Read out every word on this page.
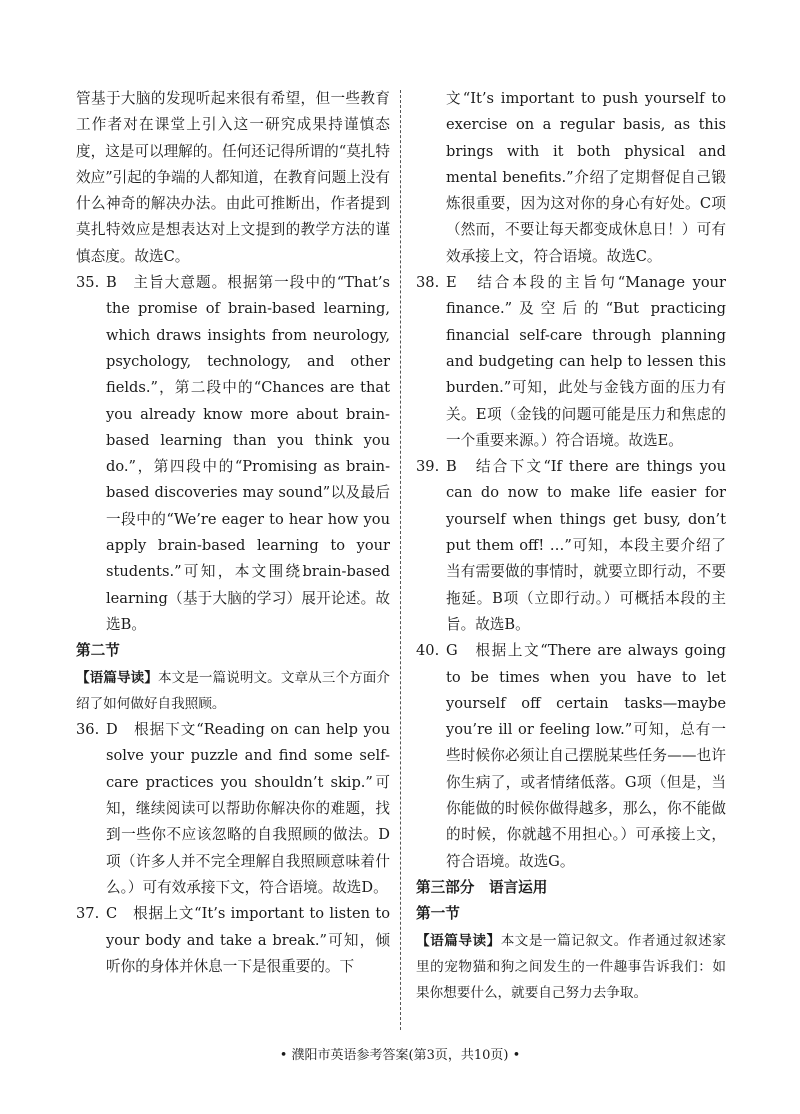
管基于大脑的发现听起来很有希望，但一些教育工作者对在课堂上引入这一研究成果持谨慎态度，这是可以理解的。任何还记得所谓的“莫扎特效应”引起的争端的人都知道，在教育问题上没有什么神奇的解决办法。由此可推断出，作者提到莫扎特效应是想表达对上文提到的教学方法的谨慎态度。故选C。

35. B　主旨大意题。根据第一段中的“That’s the promise of brain-based learning, which draws insights from neurology, psychology, technology, and other fields.”，第二段中的“Chances are that you already know more about brain-based learning than you think you do.”，第四段中的“Promising as brain-based discoveries may sound”以及最后一段中的“We’re eager to hear how you apply brain-based learning to your students.”可知，本文围绕brain-based learning（基于大脑的学习）展开论述。故选B。

第二节

【语篇导读】本文是一篇说明文。文章从三个方面介绍了如何做好自我照顾。

36. D　根据下文“Reading on can help you solve your puzzle and find some self-care practices you shouldn’t skip.”可知，继续阅读可以帮助你解决你的难题，找到一些你不应该忽略的自我照顾的做法。D项（许多人并不完全理解自我照顾意味着什么。）可有效承接下文，符合语境。故选D。

37. C　根据上文“It’s important to listen to your body and take a break.”可知，倾听你的身体并休息一下是很重要的。下

文“It’s important to push yourself to exercise on a regular basis, as this brings with it both physical and mental benefits.”介绍了定期督促自己锻炼很重要，因为这对你的身心有好处。C项（然而，不要让每天都变成休息日！）可有效承接上文，符合语境。故选C。

38. E　结合本段的主旨句“Manage your finance.”及空后的“But practicing financial self-care through planning and budgeting can help to lessen this burden.”可知，此处与金钱方面的压力有关。E项（金钱的问题可能是压力和焦虑的一个重要来源。）符合语境。故选E。

39. B　结合下文“If there are things you can do now to make life easier for yourself when things get busy, don’t put them off! …”可知，本段主要介绍了当有需要做的事情时，就要立即行动，不要拖延。B项（立即行动。）可概括本段的主旨。故选B。

40. G　根据上文“There are always going to be times when you have to let yourself off certain tasks—maybe you’re ill or feeling low.”可知，总有一些时候你必须让自己摆脱某些任务——也许你生病了，或者情绪低落。G项（但是，当你能做的时候你做得越多，那么，你不能做的时候，你就越不用担心。）可承接上文，符合语境。故选G。

第三部分　语言运用

第一节

【语篇导读】本文是一篇记叙文。作者通过叙述家里的宠物猫和狗之间发生的一件趣事告诉我们：如果你想要什么，就要自己努力去争取。

• 濮阳市英语参考答案(第3页，共10页) •
